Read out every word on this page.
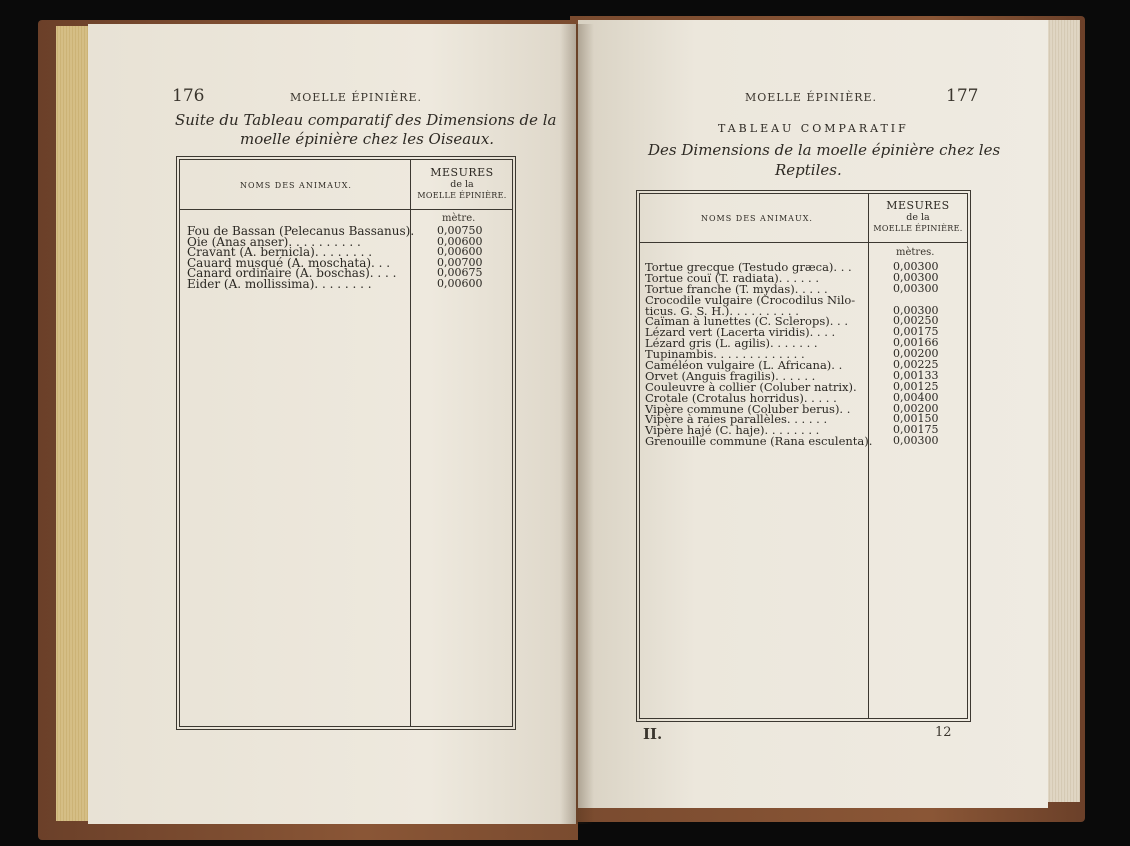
176	MOELLE ÉPINIÈRE.
Suite du Tableau comparatif des Dimensions de la
moelle épinière chez les Oiseaux.
NOMS DES ANIMAUX.
MESURES
de la
MOELLE ÉPINIÈRE.
mètre.
Fou de Bassan (Pelecanus Bassanus). 0,00750
Oie (Anas anser). . . . . . . . . .	0,00600
Cravant (A. bernicla). . . . . . . .	0,00600
Cauard musqué (A. moschata). . .	0,00700
Canard ordinaire (A. boschas). . . .	0,00675
Eider (A. mollissima). . . . . . . .	0,00600
MOELLE ÉPINIÈRE.	177
TABLEAU COMPARATIF
Des Dimensions de la moelle épinière chez les
Reptiles.
NOMS DES ANIMAUX.
MESURES
de la
MOELLE ÉPINIÈRE.
mètres.
Tortue grecque (Testudo græca). . .	0,00300
Tortue couï (T. radiata). . . . . .	0,00300
Tortue franche (T. mydas). . . . .	0,00300
Crocodile vulgaire (Crocodilus Nilo-
ticus. G. S. H.). . . . . . . . . .	0,00300
Caïman à lunettes (C. Sclerops). . .	0,00250
Lézard vert (Lacerta viridis). . . .	0,00175
Lézard gris (L. agilis). . . . . . .	0,00166
Tupinambis. . . . . . . . . . . . .	0,00200
Caméléon vulgaire (L. Africana). .	0,00225
Orvet (Anguis fragilis). . . . . .	0,00133
Couleuvre à collier (Coluber natrix).	0,00125
Crotale (Crotalus horridus). . . . .	0,00400
Vipère commune (Coluber berus). .	0,00200
Vipère à raies parallèles. . . . . .	0,00150
Vipère hajé (C. haje). . . . . . . .	0,00175
Grenouille commune (Rana esculenta). 0,00300
II.	12
